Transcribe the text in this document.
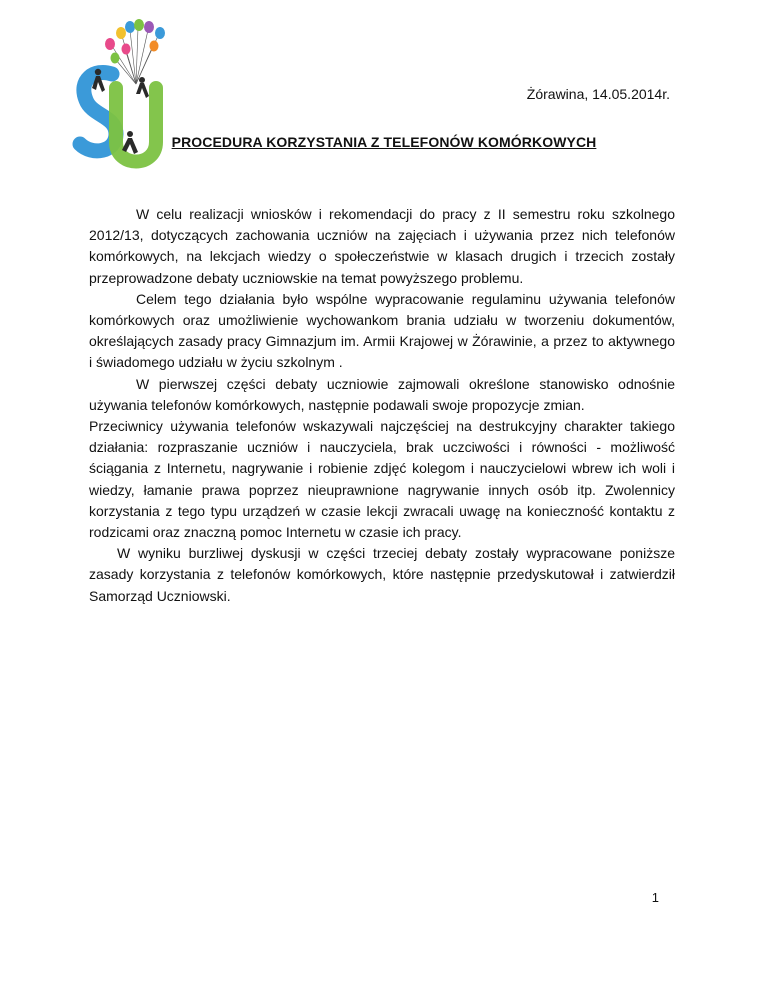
Żórawina, 14.05.2014r.
PROCEDURA KORZYSTANIA Z TELEFONÓW KOMÓRKOWYCH

W celu realizacji wniosków i rekomendacji do pracy z II semestru roku szkolnego 2012/13, dotyczących zachowania uczniów na zajęciach i używania przez nich telefonów komórkowych, na lekcjach wiedzy o społeczeństwie w klasach drugich i trzecich zostały przeprowadzone debaty uczniowskie na temat powyższego problemu.

Celem tego działania było wspólne wypracowanie regulaminu używania telefonów komórkowych oraz umożliwienie wychowankom brania udziału w tworzeniu dokumentów, określających zasady pracy Gimnazjum im. Armii Krajowej w Żórawinie, a przez to aktywnego i świadomego udziału w życiu szkolnym .

W pierwszej części debaty uczniowie zajmowali określone stanowisko odnośnie używania telefonów komórkowych, następnie podawali swoje propozycje zmian.

Przeciwnicy używania telefonów wskazywali najczęściej na destrukcyjny charakter takiego działania: rozpraszanie uczniów i nauczyciela, brak uczciwości i równości - możliwość ściągania z Internetu, nagrywanie i robienie zdjęć kolegom i nauczycielowi wbrew ich woli i wiedzy, łamanie prawa poprzez nieuprawnione nagrywanie innych osób itp. Zwolennicy korzystania z tego typu urządzeń w czasie lekcji zwracali uwagę na konieczność kontaktu z rodzicami oraz znaczną pomoc Internetu w czasie ich pracy.

W wyniku burzliwej dyskusji w części trzeciej debaty zostały wypracowane poniższe zasady korzystania z telefonów komórkowych, które następnie przedyskutował i zatwierdził Samorząd Uczniowski.

1
